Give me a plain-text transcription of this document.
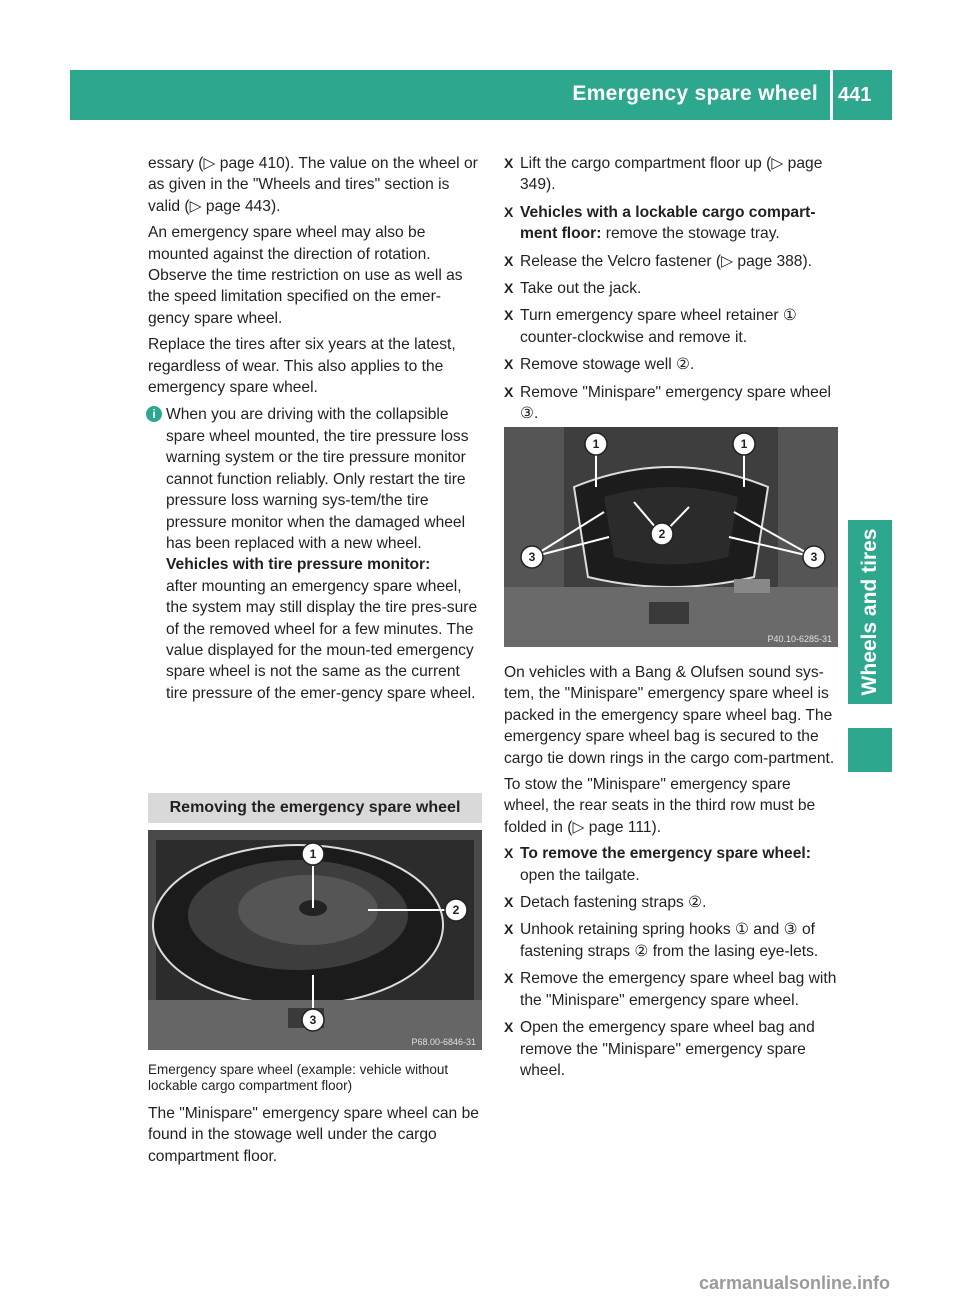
Emergency spare wheel 441
Wheels and tires

essary (▷ page 410). The value on the wheel or as given in the "Wheels and tires" section is valid (▷ page 443).

An emergency spare wheel may also be mounted against the direction of rotation. Observe the time restriction on use as well as the speed limitation specified on the emer-gency spare wheel.

Replace the tires after six years at the latest, regardless of wear. This also applies to the emergency spare wheel.

i When you are driving with the collapsible spare wheel mounted, the tire pressure loss warning system or the tire pressure monitor cannot function reliably. Only restart the tire pressure loss warning sys-tem/the tire pressure monitor when the damaged wheel has been replaced with a new wheel.

Vehicles with tire pressure monitor:

after mounting an emergency spare wheel, the system may still display the tire pres-sure of the removed wheel for a few minutes. The value displayed for the moun-ted emergency spare wheel is not the same as the current tire pressure of the emer-gency spare wheel.

Removing the emergency spare wheel
1
2
3
P68.00-6846-31
Emergency spare wheel (example: vehicle without lockable cargo compartment floor)
The "Minispare" emergency spare wheel can be found in the stowage well under the cargo compartment floor.
X Lift the cargo compartment floor up (▷ page 349).
X Vehicles with a lockable cargo compart-ment floor: remove the stowage tray.
X Release the Velcro fastener (▷ page 388).
X Take out the jack.
X Turn emergency spare wheel retainer ① counter-clockwise and remove it.
X Remove stowage well ②.
X Remove "Minispare" emergency spare wheel ③.
1	1
2
3	3
P40.10-6285-31

On vehicles with a Bang & Olufsen sound sys-tem, the "Minispare" emergency spare wheel is packed in the emergency spare wheel bag. The emergency spare wheel bag is secured to the cargo tie down rings in the cargo com-partment.

To stow the "Minispare" emergency spare wheel, the rear seats in the third row must be folded in (▷ page 111).

X To remove the emergency spare wheel: open the tailgate.
X Detach fastening straps ②.
X Unhook retaining spring hooks ① and ③ of fastening straps ② from the lasing eye-lets.
X Remove the emergency spare wheel bag with the "Minispare" emergency spare wheel.
X Open the emergency spare wheel bag and remove the "Minispare" emergency spare wheel.
carmanualsonline.info
